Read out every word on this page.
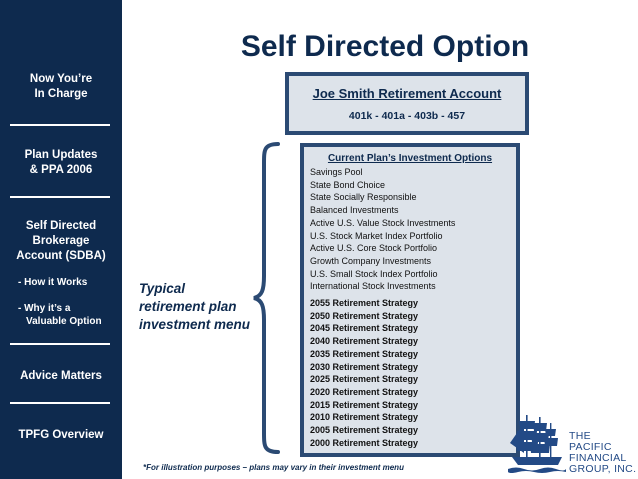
Now You’re
In Charge
Plan Updates
& PPA 2006
Self Directed
Brokerage
Account (SDBA)
- How it Works
- Why it’s a
Valuable Option
Advice Matters
TPFG Overview
Self Directed Option
Joe Smith Retirement Account
401k - 401a - 403b - 457
Typical
retirement plan
investment menu
Current Plan’s Investment Options
Savings Pool
State Bond Choice
State Socially Responsible
Balanced Investments
Active U.S. Value Stock Investments
U.S. Stock Market Index Portfolio
Active U.S. Core Stock Portfolio
Growth Company Investments
U.S. Small Stock Index Portfolio
International Stock Investments
2055 Retirement Strategy
2050 Retirement Strategy
2045 Retirement Strategy
2040 Retirement Strategy
2035 Retirement Strategy
2030 Retirement Strategy
2025 Retirement Strategy
2020 Retirement Strategy
2015 Retirement Strategy
2010 Retirement Strategy
2005 Retirement Strategy
2000 Retirement Strategy
*For illustration purposes – plans may vary in their investment menu
THE
PACIFIC
FINANCIAL
GROUP, INC.
